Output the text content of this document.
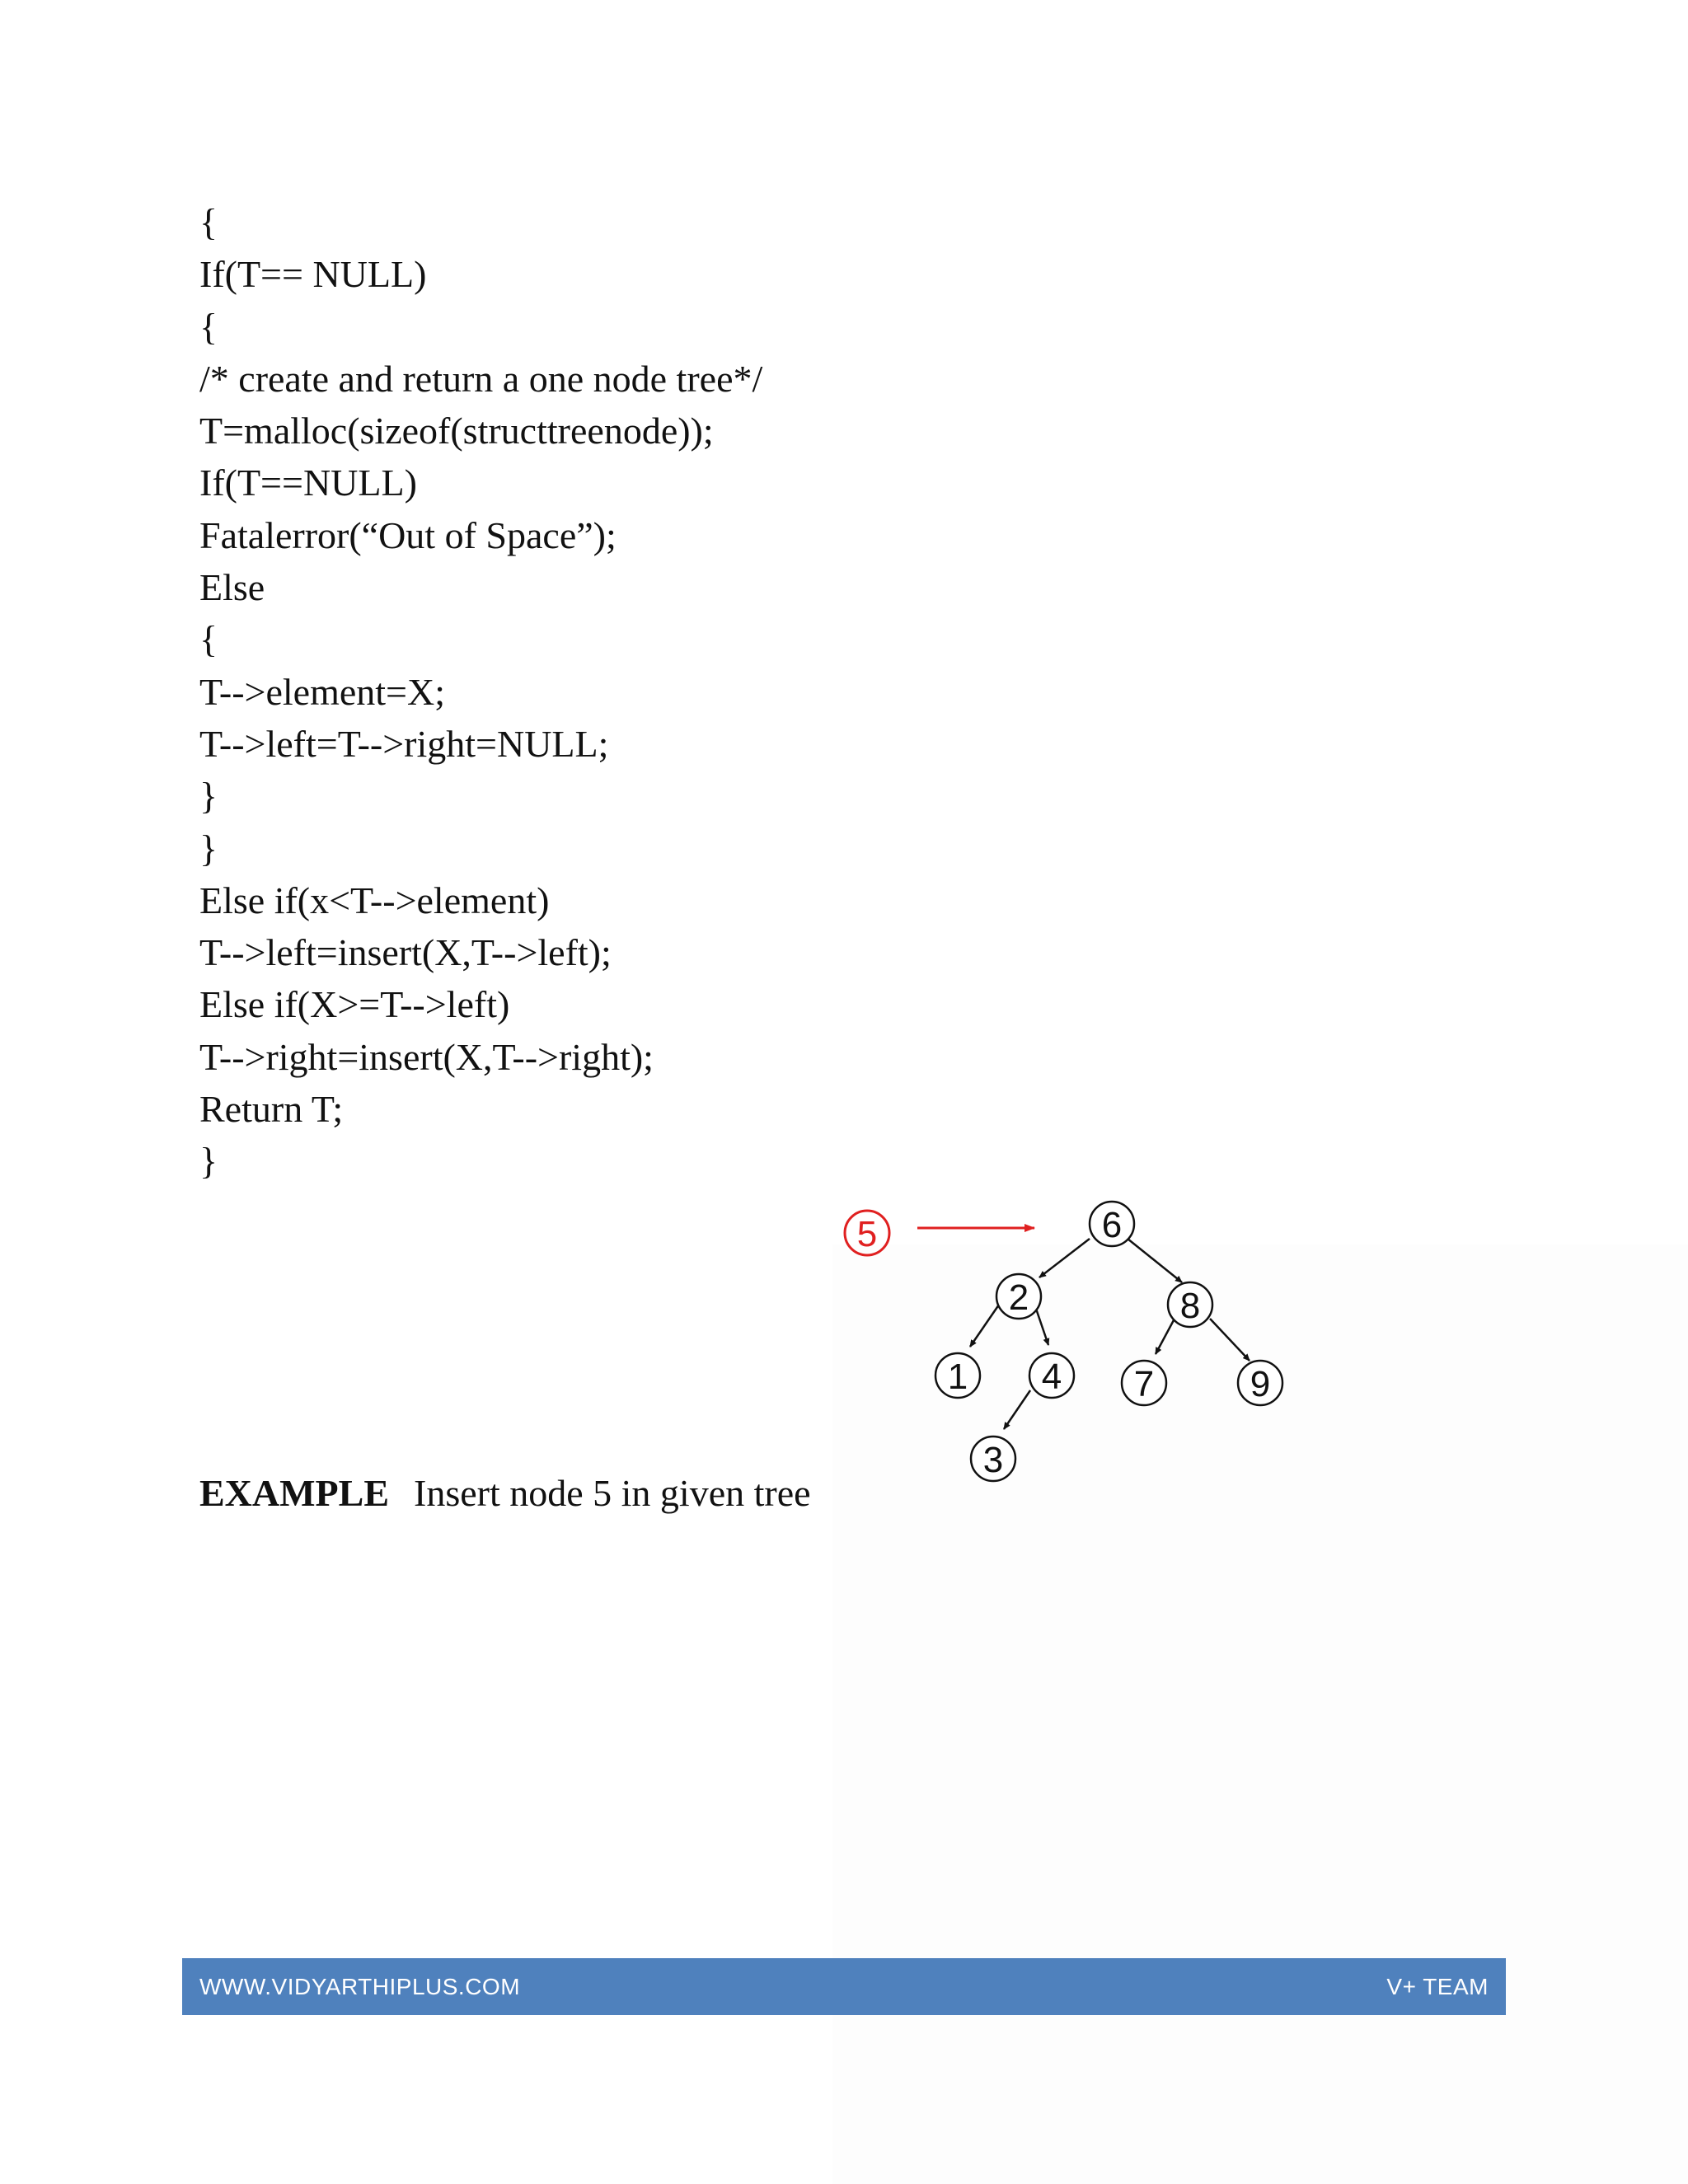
{
If(T== NULL)
{
/* create and return a one node tree*/
T=malloc(sizeof(structtreenode));
If(T==NULL)
Fatalerror(“Out of Space”);
Else
{
T-->element=X;
T-->left=T-->right=NULL;
}
}
Else if(x<T-->element)
T-->left=insert(X,T-->left);
Else if(X>=T-->left)
T-->right=insert(X,T-->right);
Return T;
}
5	6
2	8
1 4 7	9
3
EXAMPLE Insert node 5 in given tree
WWW.VIDYARTHIPLUS.COM	V+ TEAM
